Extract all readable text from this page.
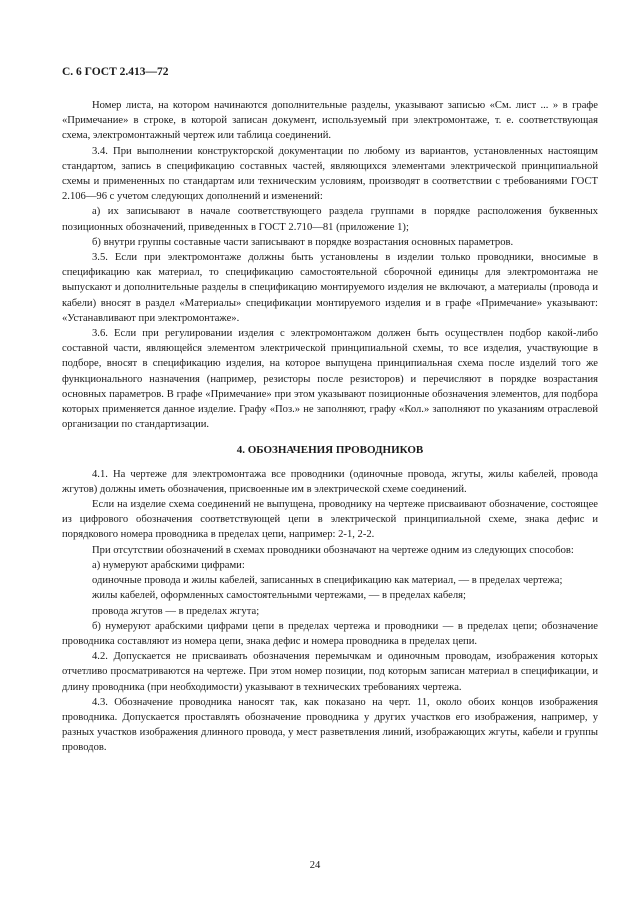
С. 6 ГОСТ 2.413—72

Номер листа, на котором начинаются дополнительные разделы, указывают записью «См. лист ... » в графе «Примечание» в строке, в которой записан документ, используемый при электромонтаже, т. е. соответствующая схема, электромонтажный чертеж или таблица соединений.

3.4. При выполнении конструкторской документации по любому из вариантов, установленных настоящим стандартом, запись в спецификацию составных частей, являющихся элементами электрической принципиальной схемы и примененных по стандартам или техническим условиям, производят в соответствии с требованиями ГОСТ 2.106—96 с учетом следующих дополнений и изменений:

а) их записывают в начале соответствующего раздела группами в порядке расположения буквенных позиционных обозначений, приведенных в ГОСТ 2.710—81 (приложение 1);

б) внутри группы составные части записывают в порядке возрастания основных параметров.

3.5. Если при электромонтаже должны быть установлены в изделии только проводники, вносимые в спецификацию как материал, то спецификацию самостоятельной сборочной единицы для электромонтажа не выпускают и дополнительные разделы в спецификацию монтируемого изделия не включают, а материалы (провода и кабели) вносят в раздел «Материалы» спецификации монтируемого изделия и в графе «Примечание» указывают: «Устанавливают при электромонтаже».

3.6. Если при регулировании изделия с электромонтажом должен быть осуществлен подбор какой-либо составной части, являющейся элементом электрической принципиальной схемы, то все изделия, участвующие в подборе, вносят в спецификацию изделия, на которое выпущена принципиальная схема после изделий того же функционального назначения (например, резисторы после резисторов) и перечисляют в порядке возрастания основных параметров. В графе «Примечание» при этом указывают позиционные обозначения элементов, для подбора которых применяется данное изделие. Графу «Поз.» не заполняют, графу «Кол.» заполняют по указаниям отраслевой организации по стандартизации.

4. ОБОЗНАЧЕНИЯ ПРОВОДНИКОВ

4.1. На чертеже для электромонтажа все проводники (одиночные провода, жгуты, жилы кабелей, провода жгутов) должны иметь обозначения, присвоенные им в электрической схеме соединений.

Если на изделие схема соединений не выпущена, проводнику на чертеже присваивают обозначение, состоящее из цифрового обозначения соответствующей цепи в электрической принципиальной схеме, знака дефис и порядкового номера проводника в пределах цепи, например: 2-1, 2-2.

При отсутствии обозначений в схемах проводники обозначают на чертеже одним из следующих способов:

а) нумеруют арабскими цифрами:

одиночные провода и жилы кабелей, записанных в спецификацию как материал, — в пределах чертежа;

жилы кабелей, оформленных самостоятельными чертежами, — в пределах кабеля;

провода жгутов — в пределах жгута;

б) нумеруют арабскими цифрами цепи в пределах чертежа и проводники — в пределах цепи; обозначение проводника составляют из номера цепи, знака дефис и номера проводника в пределах цепи.

4.2. Допускается не присваивать обозначения перемычкам и одиночным проводам, изображения которых отчетливо просматриваются на чертеже. При этом номер позиции, под которым записан материал в спецификации, и длину проводника (при необходимости) указывают в технических требованиях чертежа.

4.3. Обозначение проводника наносят так, как показано на черт. 11, около обоих концов изображения проводника. Допускается проставлять обозначение проводника у других участков его изображения, например, у разных участков изображения длинного провода, у мест разветвления линий, изображающих жгуты, кабели и группы проводов.

24
